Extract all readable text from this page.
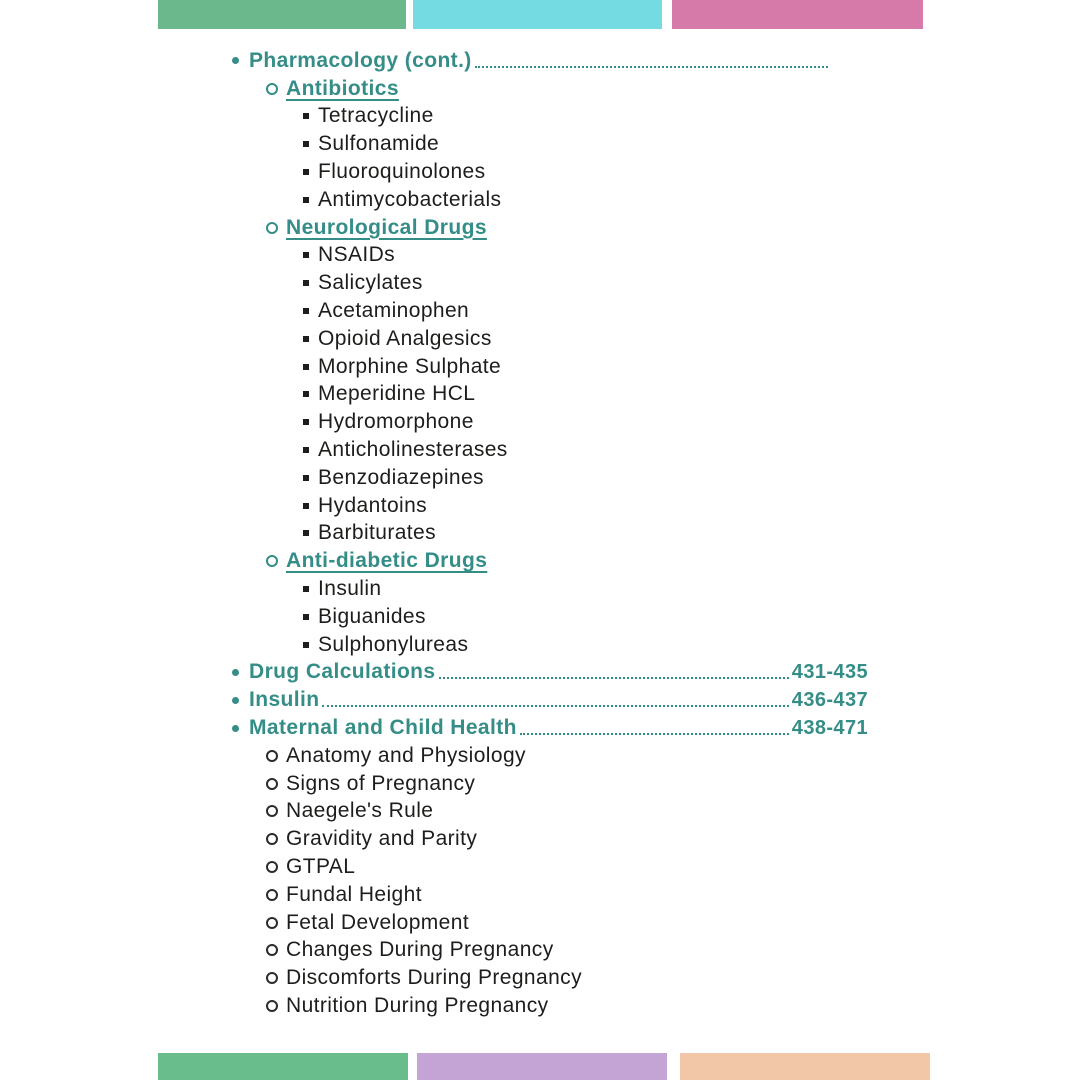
Pharmacology (cont.)
Antibiotics
Tetracycline
Sulfonamide
Fluoroquinolones
Antimycobacterials
Neurological Drugs
NSAIDs
Salicylates
Acetaminophen
Opioid Analgesics
Morphine Sulphate
Meperidine HCL
Hydromorphone
Anticholinesterases
Benzodiazepines
Hydantoins
Barbiturates
Anti-diabetic Drugs
Insulin
Biguanides
Sulphonylureas
Drug Calculations	431-435
Insulin	436-437
Maternal and Child Health	438-471
Anatomy and Physiology
Signs of Pregnancy
Naegele's Rule
Gravidity and Parity
GTPAL
Fundal Height
Fetal Development
Changes During Pregnancy
Discomforts During Pregnancy
Nutrition During Pregnancy
